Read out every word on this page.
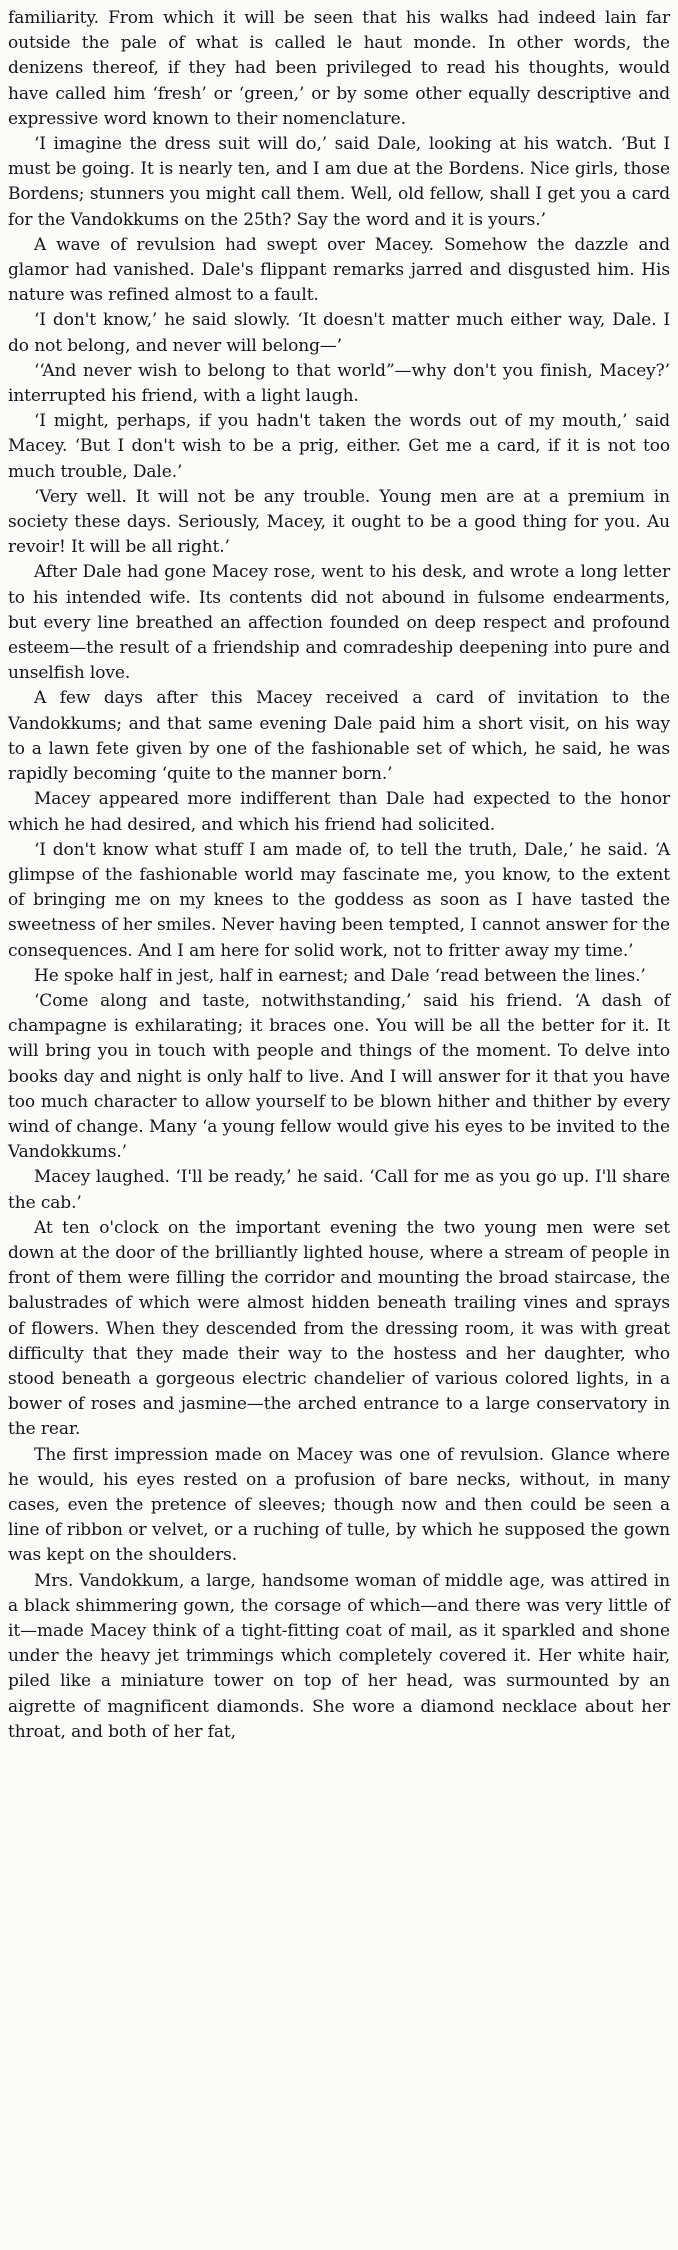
familiarity. From which it will be seen that his walks had indeed lain far outside the pale of what is called le haut monde. In other words, the denizens thereof, if they had been privileged to read his thoughts, would have called him ‘fresh’ or ‘green,’ or by some other equally descriptive and expressive word known to their nomenclature.

‘I imagine the dress suit will do,’ said Dale, looking at his watch. ‘But I must be going. It is nearly ten, and I am due at the Bordens. Nice girls, those Bordens; stunners you might call them. Well, old fellow, shall I get you a card for the Vandokkums on the 25th? Say the word and it is yours.’

A wave of revulsion had swept over Macey. Somehow the dazzle and glamor had vanished. Dale's flippant remarks jarred and disgusted him. His nature was refined almost to a fault.

‘I don't know,’ he said slowly. ‘It doesn't matter much either way, Dale. I do not belong, and never will belong—’

‘‘And never wish to belong to that world”—why don't you finish, Macey?’ interrupted his friend, with a light laugh.

‘I might, perhaps, if you hadn't taken the words out of my mouth,’ said Macey. ‘But I don't wish to be a prig, either. Get me a card, if it is not too much trouble, Dale.’

‘Very well. It will not be any trouble. Young men are at a premium in society these days. Seriously, Macey, it ought to be a good thing for you. Au revoir! It will be all right.’

After Dale had gone Macey rose, went to his desk, and wrote a long letter to his intended wife. Its contents did not abound in fulsome endearments, but every line breathed an affection founded on deep respect and profound esteem—the result of a friendship and comradeship deepening into pure and unselfish love.

A few days after this Macey received a card of invitation to the Vandokkums; and that same evening Dale paid him a short visit, on his way to a lawn fete given by one of the fashionable set of which, he said, he was rapidly becoming ‘quite to the manner born.’

Macey appeared more indifferent than Dale had expected to the honor which he had desired, and which his friend had solicited.

‘I don't know what stuff I am made of, to tell the truth, Dale,’ he said. ‘A glimpse of the fashionable world may fascinate me, you know, to the extent of bringing me on my knees to the goddess as soon as I have tasted the sweetness of her smiles. Never having been tempted, I cannot answer for the consequences. And I am here for solid work, not to fritter away my time.’

He spoke half in jest, half in earnest; and Dale ‘read between the lines.’

‘Come along and taste, notwithstanding,’ said his friend. ‘A dash of champagne is exhilarating; it braces one. You will be all the better for it. It will bring you in touch with people and things of the moment. To delve into books day and night is only half to live. And I will answer for it that you have too much character to allow yourself to be blown hither and thither by every wind of change. Many ‘a young fellow would give his eyes to be invited to the Vandokkums.’

Macey laughed. ‘I'll be ready,’ he said. ‘Call for me as you go up. I'll share the cab.’

At ten o'clock on the important evening the two young men were set down at the door of the brilliantly lighted house, where a stream of people in front of them were filling the corridor and mounting the broad staircase, the balustrades of which were almost hidden beneath trailing vines and sprays of flowers. When they descended from the dressing room, it was with great difficulty that they made their way to the hostess and her daughter, who stood beneath a gorgeous electric chandelier of various colored lights, in a bower of roses and jasmine—the arched entrance to a large conservatory in the rear.

The first impression made on Macey was one of revulsion. Glance where he would, his eyes rested on a profusion of bare necks, without, in many cases, even the pretence of sleeves; though now and then could be seen a line of ribbon or velvet, or a ruching of tulle, by which he supposed the gown was kept on the shoulders.

Mrs. Vandokkum, a large, handsome woman of middle age, was attired in a black shimmering gown, the corsage of which—and there was very little of it—made Macey think of a tight-fitting coat of mail, as it sparkled and shone under the heavy jet trimmings which completely covered it. Her white hair, piled like a miniature tower on top of her head, was surmounted by an aigrette of magnificent diamonds. She wore a diamond necklace about her throat, and both of her fat,
